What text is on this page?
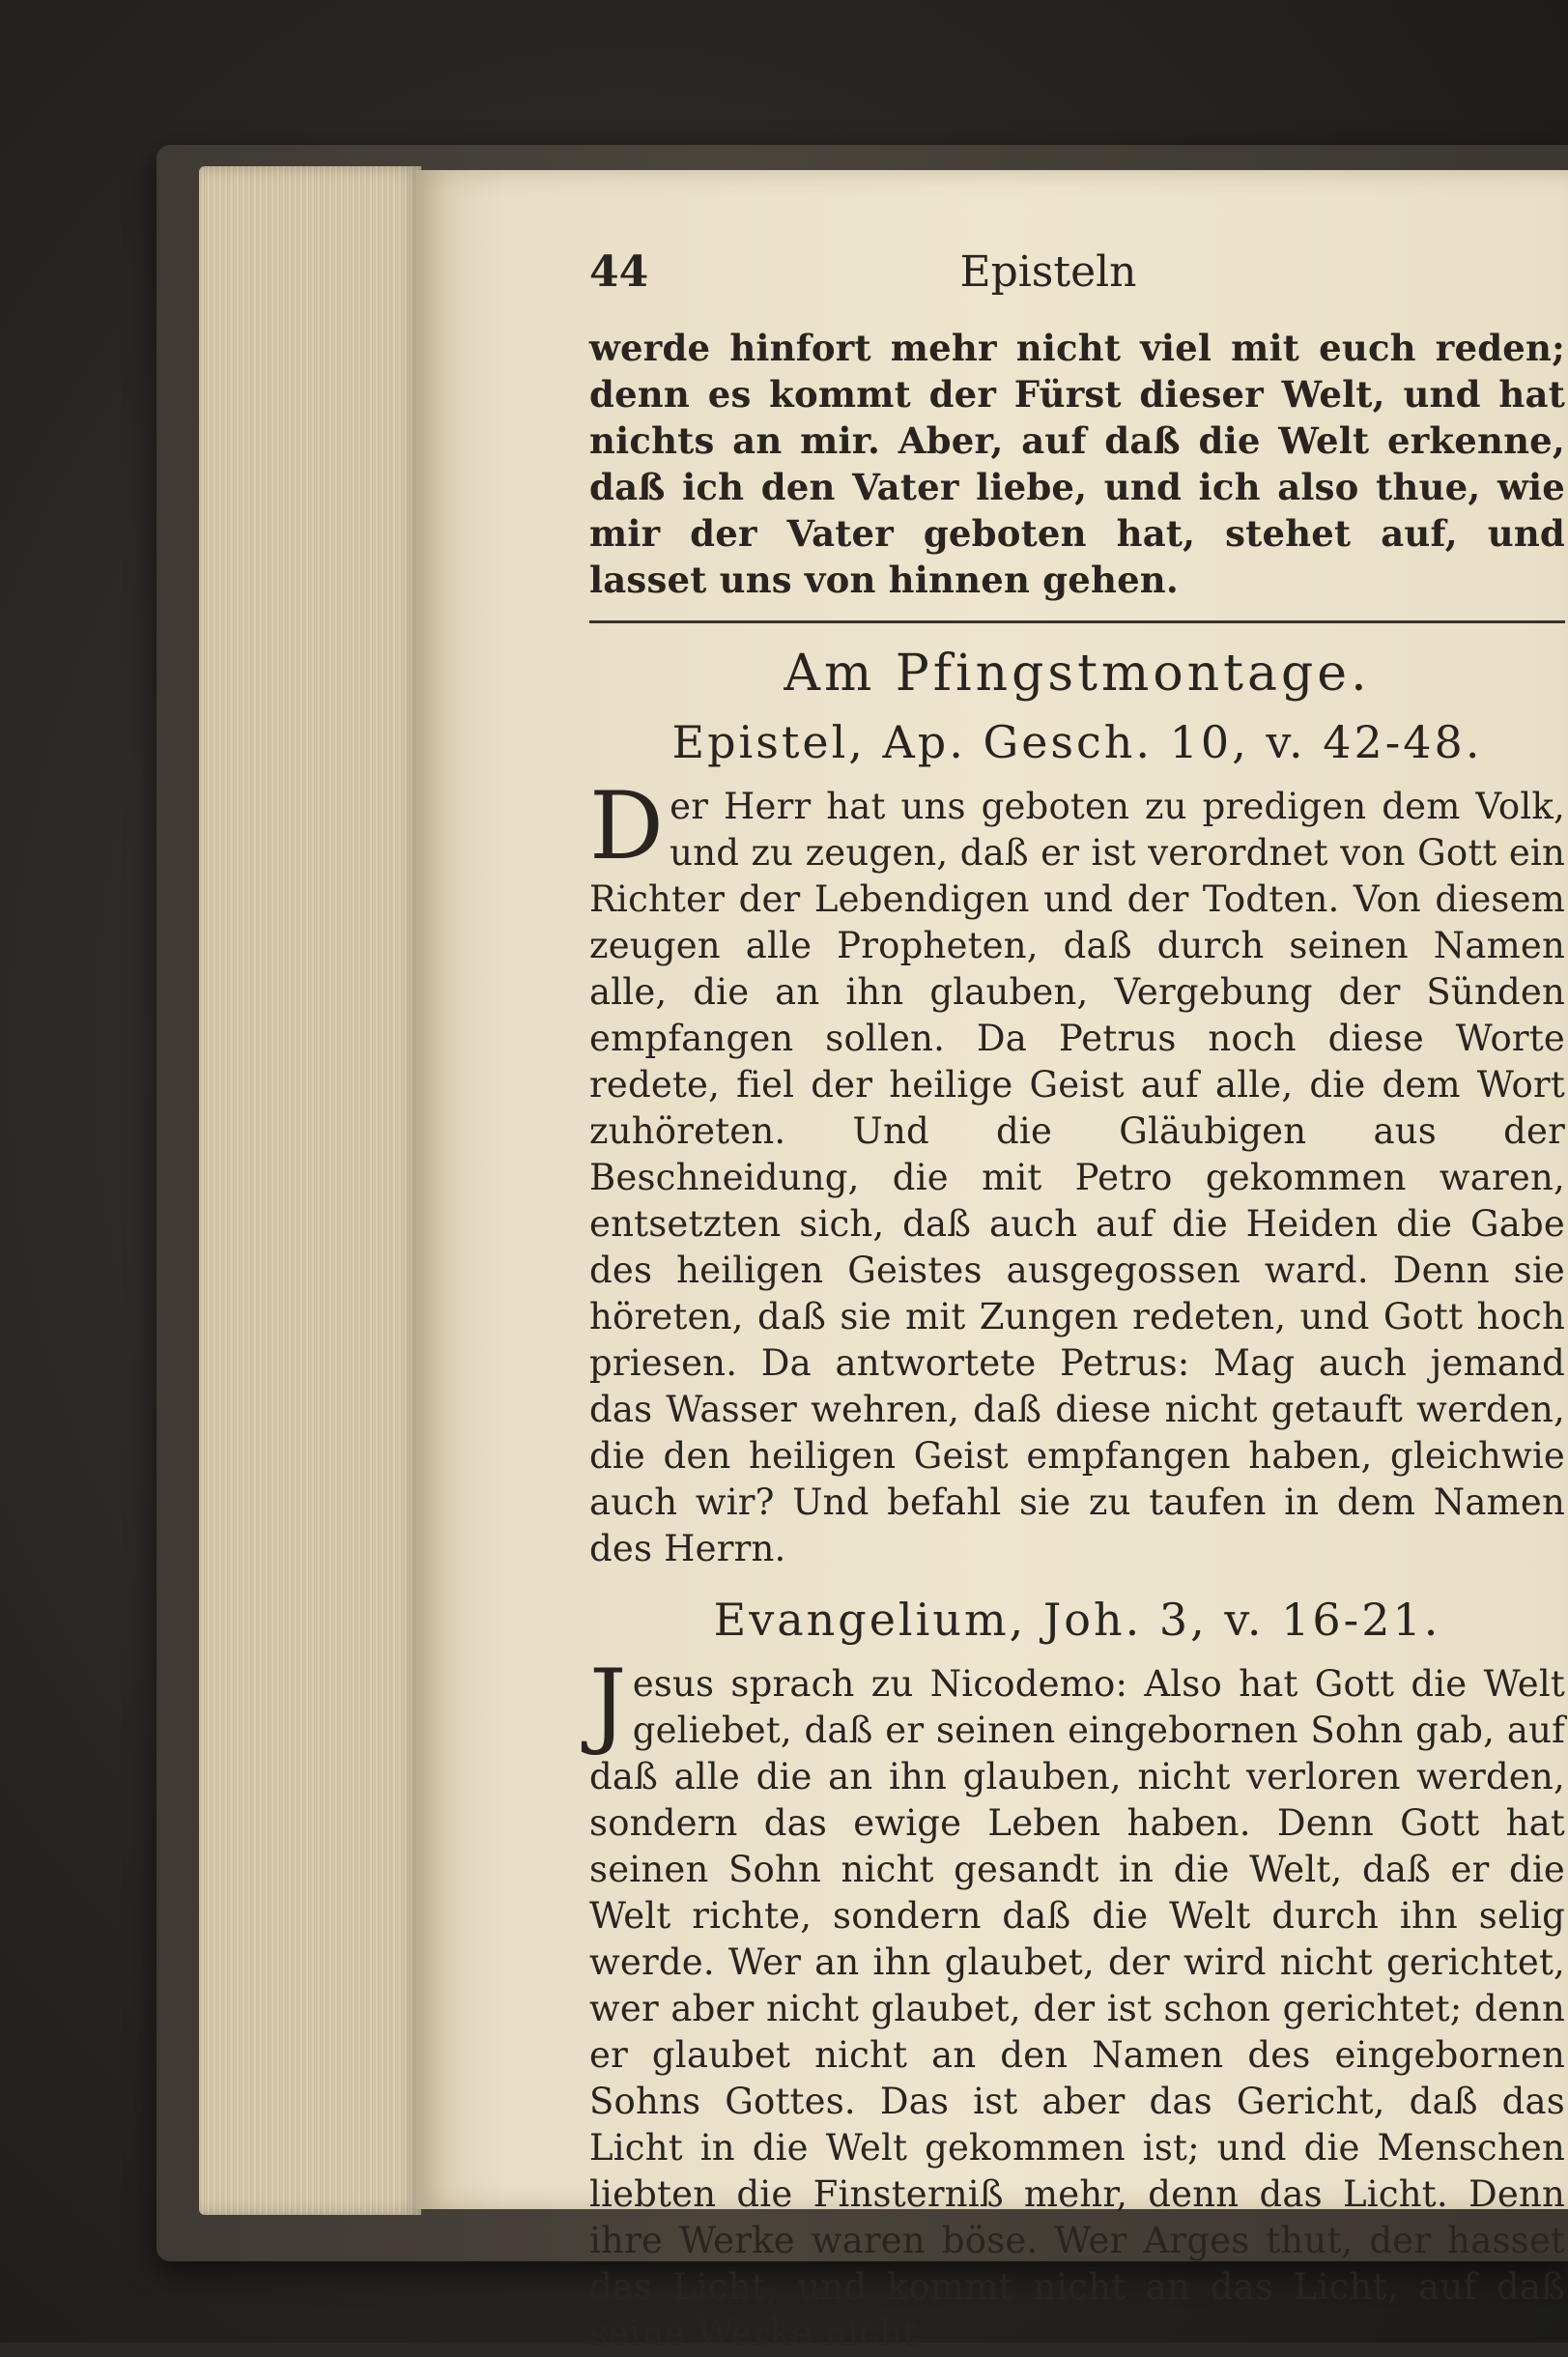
44	Episteln

werde hinfort mehr nicht viel mit euch reden; denn es kommt der Fürst dieser Welt, und hat nichts an mir. Aber, auf daß die Welt erkenne, daß ich den Vater liebe, und ich also thue, wie mir der Vater geboten hat, stehet auf, und lasset uns von hinnen gehen.

Am Pfingstmontage.
Epistel, Ap. Gesch. 10, v. 42-48.

Der Herr hat uns geboten zu predigen dem Volk, und zu zeugen, daß er ist verordnet von Gott ein Richter der Lebendigen und der Todten. Von diesem zeugen alle Propheten, daß durch seinen Namen alle, die an ihn glauben, Vergebung der Sünden empfangen sollen. Da Petrus noch diese Worte redete, fiel der heilige Geist auf alle, die dem Wort zuhöreten. Und die Gläubigen aus der Beschneidung, die mit Petro gekommen waren, entsetzten sich, daß auch auf die Heiden die Gabe des heiligen Geistes ausgegossen ward. Denn sie höreten, daß sie mit Zungen redeten, und Gott hoch priesen. Da antwortete Petrus: Mag auch jemand das Wasser wehren, daß diese nicht getauft werden, die den heiligen Geist empfangen haben, gleichwie auch wir? Und befahl sie zu taufen in dem Namen des Herrn.

Evangelium, Joh. 3, v. 16-21.

Jesus sprach zu Nicodemo: Also hat Gott die Welt geliebet, daß er seinen eingebornen Sohn gab, auf daß alle die an ihn glauben, nicht verloren werden, sondern das ewige Leben haben. Denn Gott hat seinen Sohn nicht gesandt in die Welt, daß er die Welt richte, sondern daß die Welt durch ihn selig werde. Wer an ihn glaubet, der wird nicht gerichtet, wer aber nicht glaubet, der ist schon gerichtet; denn er glaubet nicht an den Namen des eingebornen Sohns Gottes. Das ist aber das Gericht, daß das Licht in die Welt gekommen ist; und die Menschen liebten die Finsterniß mehr, denn das Licht. Denn ihre Werke waren böse. Wer Arges thut, der hasset das Licht, und kommt nicht an das Licht, auf daß seine Werke nicht
